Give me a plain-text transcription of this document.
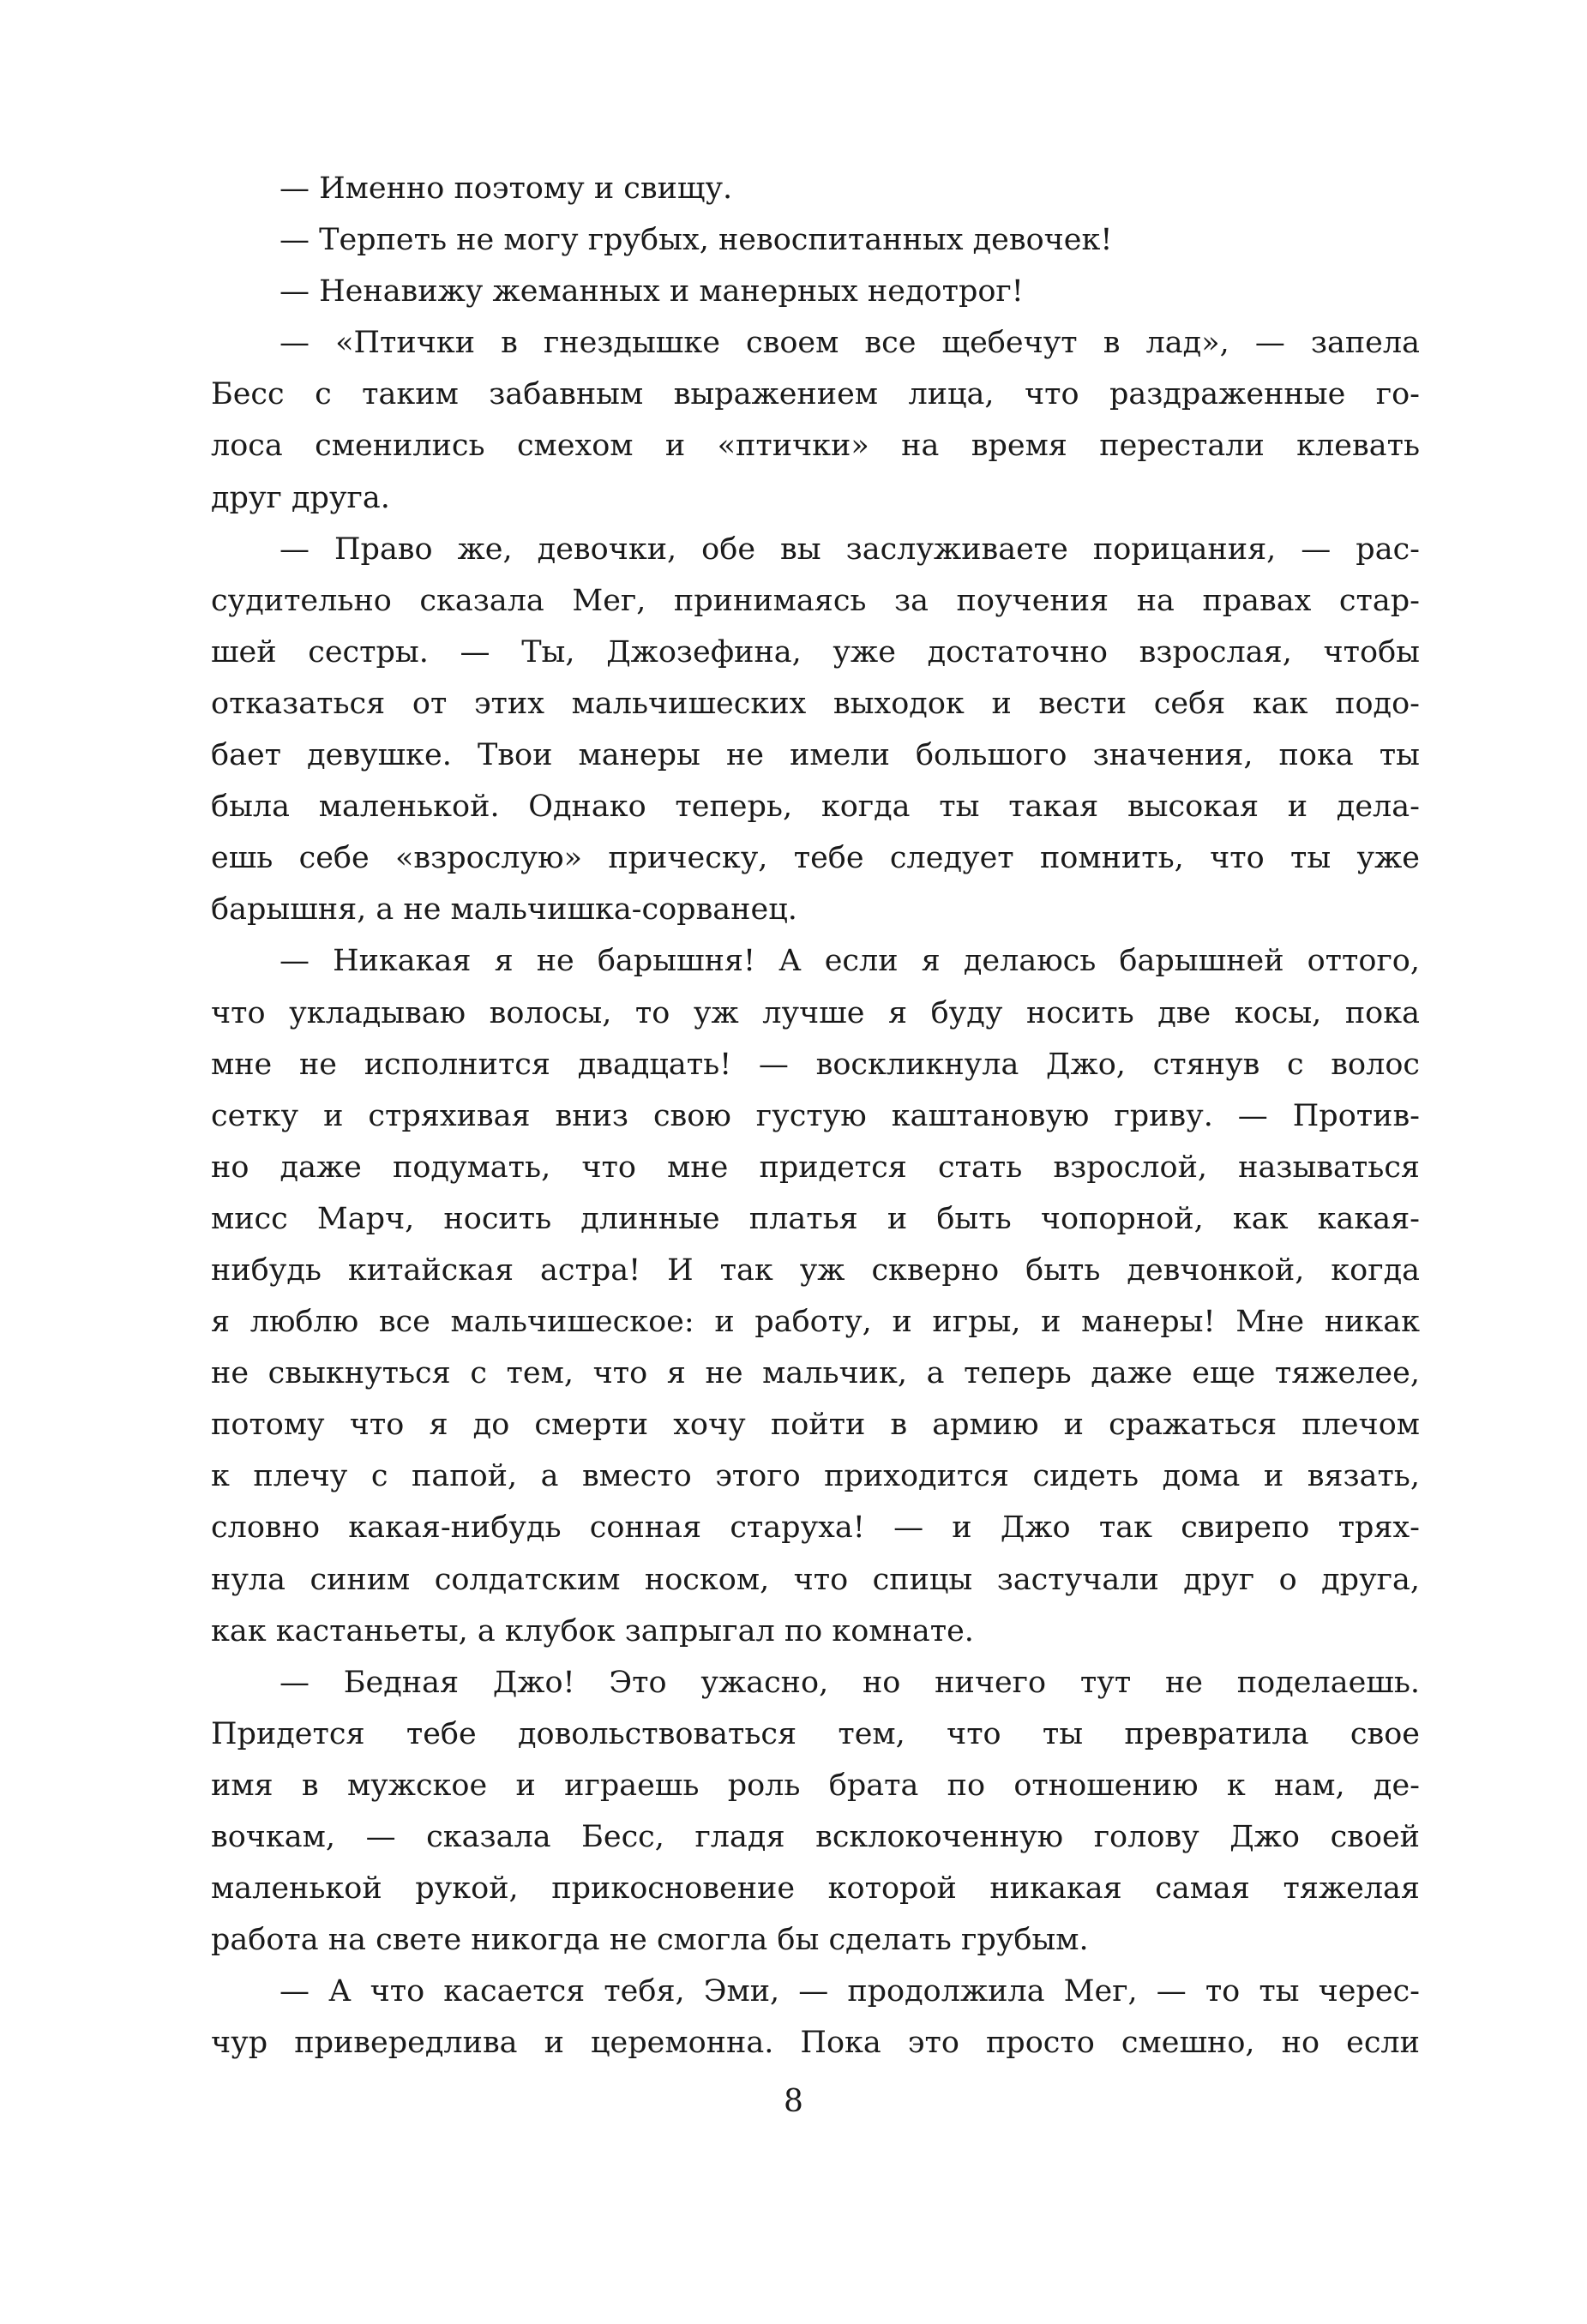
— Именно поэтому и свищу.
— Терпеть не могу грубых, невоспитанных девочек!
— Ненавижу жеманных и манерных недотрог!
— «Птички в гнездышке своем все щебечут в лад», — запела
Бесс с таким забавным выражением лица, что раздраженные го-
лоса сменились смехом и «птички» на время перестали клевать
друг друга.
— Право же, девочки, обе вы заслуживаете порицания, — рас-
судительно сказала Мег, принимаясь за поучения на правах стар-
шей сестры. — Ты, Джозефина, уже достаточно взрослая, чтобы
отказаться от этих мальчишеских выходок и вести себя как подо-
бает девушке. Твои манеры не имели большого значения, пока ты
была маленькой. Однако теперь, когда ты такая высокая и дела-
ешь себе «взрослую» прическу, тебе следует помнить, что ты уже
барышня, а не мальчишка-сорванец.
— Никакая я не барышня! А если я делаюсь барышней оттого,
что укладываю волосы, то уж лучше я буду носить две косы, пока
мне не исполнится двадцать! — воскликнула Джо, стянув с волос
сетку и стряхивая вниз свою густую каштановую гриву. — Против-
но даже подумать, что мне придется стать взрослой, называться
мисс Марч, носить длинные платья и быть чопорной, как какая-
нибудь китайская астра! И так уж скверно быть девчонкой, когда
я люблю все мальчишеское: и работу, и игры, и манеры! Мне никак
не свыкнуться с тем, что я не мальчик, а теперь даже еще тяжелее,
потому что я до смерти хочу пойти в армию и сражаться плечом
к плечу с папой, а вместо этого приходится сидеть дома и вязать,
словно какая-нибудь сонная старуха! — и Джо так свирепо трях-
нула синим солдатским носком, что спицы застучали друг о друга,
как кастаньеты, а клубок запрыгал по комнате.
— Бедная Джо! Это ужасно, но ничего тут не поделаешь.
Придется тебе довольствоваться тем, что ты превратила свое
имя в мужское и играешь роль брата по отношению к нам, де-
вочкам, — сказала Бесс, гладя всклокоченную голову Джо своей
маленькой рукой, прикосновение которой никакая самая тяжелая
работа на свете никогда не смогла бы сделать грубым.
— А что касается тебя, Эми, — продолжила Мег, — то ты черес-
чур привередлива и церемонна. Пока это просто смешно, но если
8
